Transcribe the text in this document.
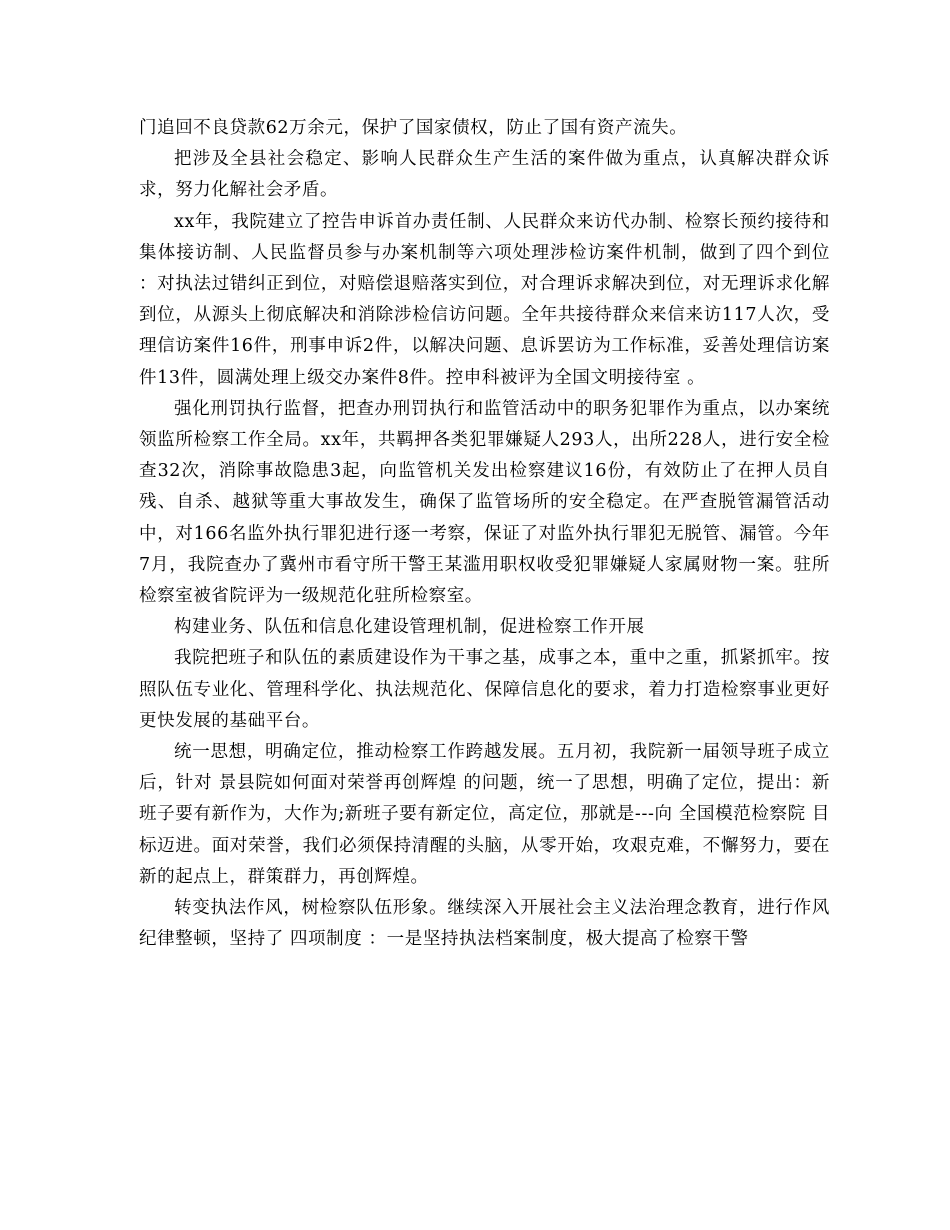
门追回不良贷款62万余元，保护了国家债权，防止了国有资产流失。

把涉及全县社会稳定、影响人民群众生产生活的案件做为重点，认真解决群众诉求，努力化解社会矛盾。

xx年，我院建立了控告申诉首办责任制、人民群众来访代办制、检察长预约接待和集体接访制、人民监督员参与办案机制等六项处理涉检访案件机制，做到了四个到位 ：对执法过错纠正到位，对赔偿退赔落实到位，对合理诉求解决到位，对无理诉求化解到位，从源头上彻底解决和消除涉检信访问题。全年共接待群众来信来访117人次，受理信访案件16件，刑事申诉2件，以解决问题、息诉罢访为工作标准，妥善处理信访案件13件，圆满处理上级交办案件8件。控申科被评为全国文明接待室 。

强化刑罚执行监督，把查办刑罚执行和监管活动中的职务犯罪作为重点，以办案统领监所检察工作全局。xx年，共羁押各类犯罪嫌疑人293人，出所228人，进行安全检查32次，消除事故隐患3起，向监管机关发出检察建议16份，有效防止了在押人员自残、自杀、越狱等重大事故发生，确保了监管场所的安全稳定。在严查脱管漏管活动中，对166名监外执行罪犯进行逐一考察，保证了对监外执行罪犯无脱管、漏管。今年7月，我院查办了冀州市看守所干警王某滥用职权收受犯罪嫌疑人家属财物一案。驻所检察室被省院评为一级规范化驻所检察室。

构建业务、队伍和信息化建设管理机制，促进检察工作开展

我院把班子和队伍的素质建设作为干事之基，成事之本，重中之重，抓紧抓牢。按照队伍专业化、管理科学化、执法规范化、保障信息化的要求，着力打造检察事业更好更快发展的基础平台。

统一思想，明确定位，推动检察工作跨越发展。五月初，我院新一届领导班子成立后，针对 景县院如何面对荣誉再创辉煌 的问题，统一了思想，明确了定位，提出：新班子要有新作为，大作为;新班子要有新定位，高定位，那就是---向 全国模范检察院 目标迈进。面对荣誉，我们必须保持清醒的头脑，从零开始，攻艰克难，不懈努力，要在新的起点上，群策群力，再创辉煌。

转变执法作风，树检察队伍形象。继续深入开展社会主义法治理念教育，进行作风纪律整顿，坚持了 四项制度 ：一是坚持执法档案制度，极大提高了检察干警
